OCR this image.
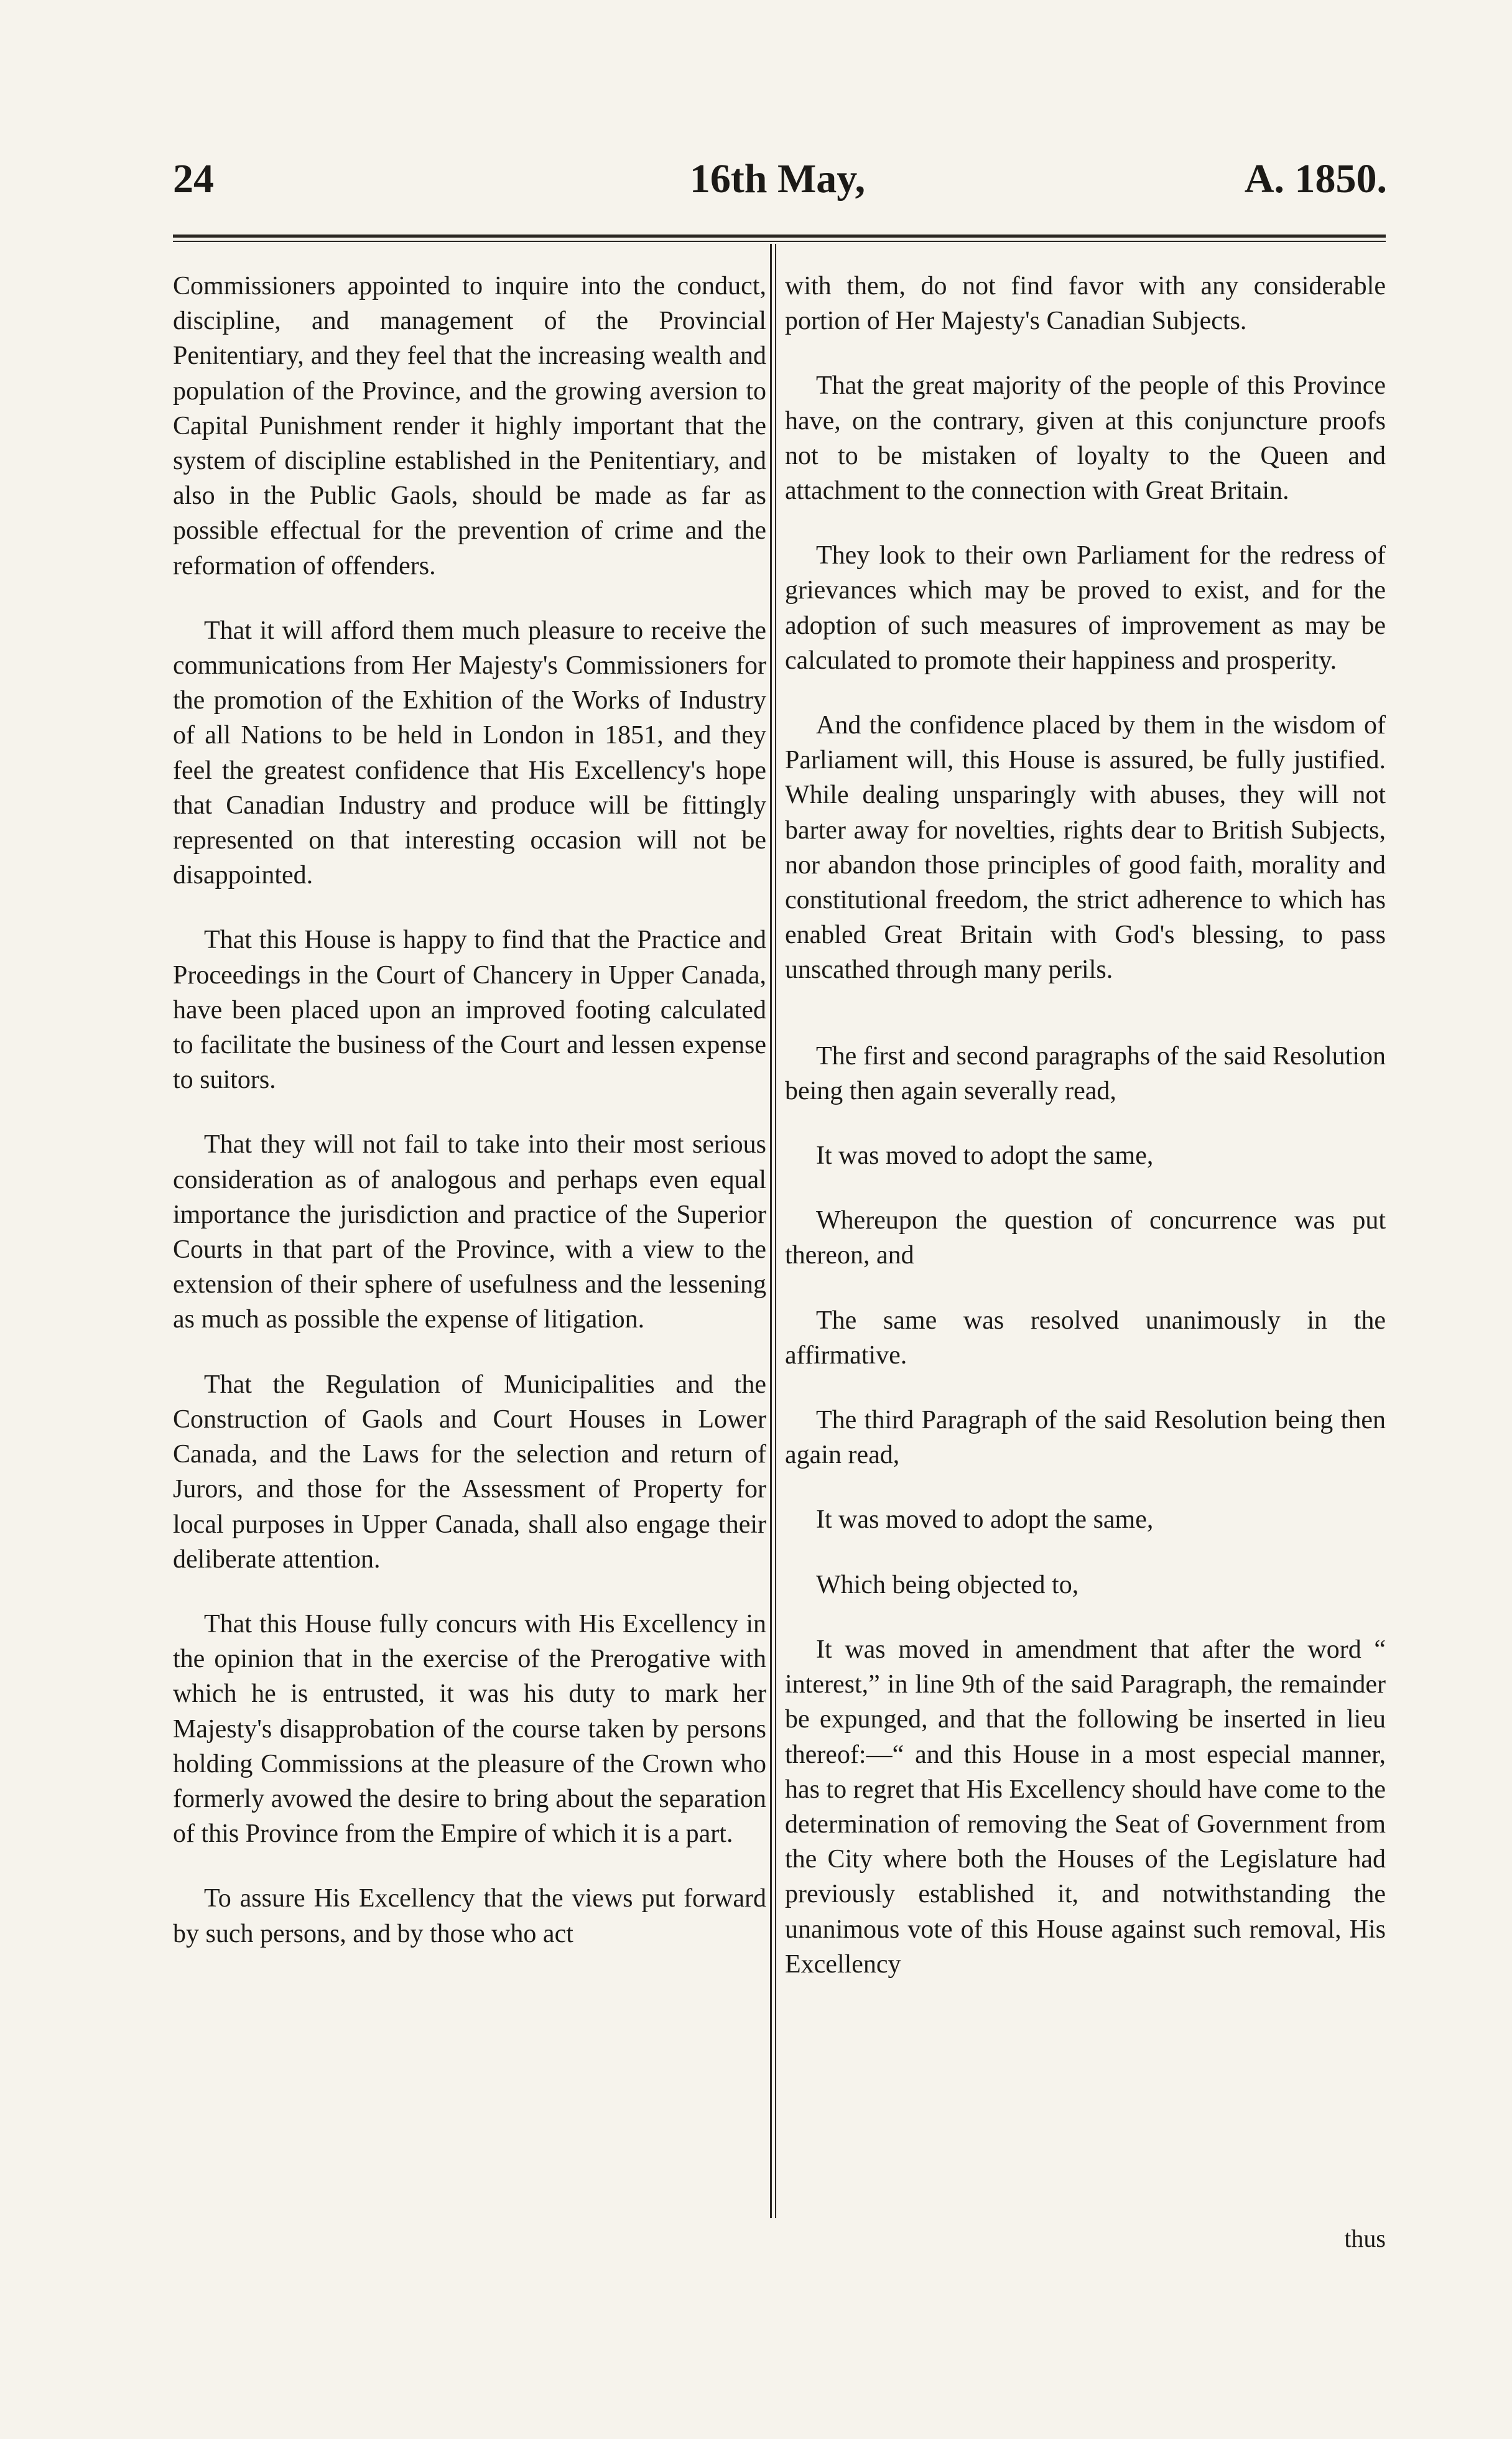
24	16th May,	A. 1850.

Commissioners appointed to inquire into the conduct, discipline, and management of the Provincial Penitentiary, and they feel that the increasing wealth and population of the Province, and the growing aversion to Capital Punishment render it highly important that the system of discipline established in the Penitentiary, and also in the Public Gaols, should be made as far as possible effectual for the prevention of crime and the reformation of offenders.

That it will afford them much pleasure to receive the communications from Her Majesty's Commissioners for the promotion of the Exhition of the Works of Industry of all Nations to be held in London in 1851, and they feel the greatest confidence that His Excellency's hope that Canadian Industry and produce will be fittingly represented on that interesting occasion will not be disappointed.

That this House is happy to find that the Practice and Proceedings in the Court of Chancery in Upper Canada, have been placed upon an improved footing calculated to facilitate the business of the Court and lessen expense to suitors.

That they will not fail to take into their most serious consideration as of analogous and perhaps even equal importance the jurisdiction and practice of the Superior Courts in that part of the Province, with a view to the extension of their sphere of usefulness and the lessening as much as possible the expense of litigation.

That the Regulation of Municipalities and the Construction of Gaols and Court Houses in Lower Canada, and the Laws for the selection and return of Jurors, and those for the Assessment of Property for local purposes in Upper Canada, shall also engage their deliberate attention.

That this House fully concurs with His Excellency in the opinion that in the exercise of the Prerogative with which he is entrusted, it was his duty to mark her Majesty's disapprobation of the course taken by persons holding Commissions at the pleasure of the Crown who formerly avowed the desire to bring about the separation of this Province from the Empire of which it is a part.

To assure His Excellency that the views put forward by such persons, and by those who act

with them, do not find favor with any considerable portion of Her Majesty's Canadian Subjects.

That the great majority of the people of this Province have, on the contrary, given at this conjuncture proofs not to be mistaken of loyalty to the Queen and attachment to the connection with Great Britain.

They look to their own Parliament for the redress of grievances which may be proved to exist, and for the adoption of such measures of improvement as may be calculated to promote their happiness and prosperity.

And the confidence placed by them in the wisdom of Parliament will, this House is assured, be fully justified. While dealing unsparingly with abuses, they will not barter away for novelties, rights dear to British Subjects, nor abandon those principles of good faith, morality and constitutional freedom, the strict adherence to which has enabled Great Britain with God's blessing, to pass unscathed through many perils.

The first and second paragraphs of the said Resolution being then again severally read,

It was moved to adopt the same,

Whereupon the question of concurrence was put thereon, and

The same was resolved unanimously in the affirmative.

The third Paragraph of the said Resolution being then again read,

It was moved to adopt the same,

Which being objected to,

It was moved in amendment that after the word “ interest,” in line 9th of the said Paragraph, the remainder be expunged, and that the following be inserted in lieu thereof:—“ and this House in a most especial manner, has to regret that His Excellency should have come to the determination of removing the Seat of Government from the City where both the Houses of the Legislature had previously established it, and notwithstanding the unanimous vote of this House against such removal, His Excellency

thus
